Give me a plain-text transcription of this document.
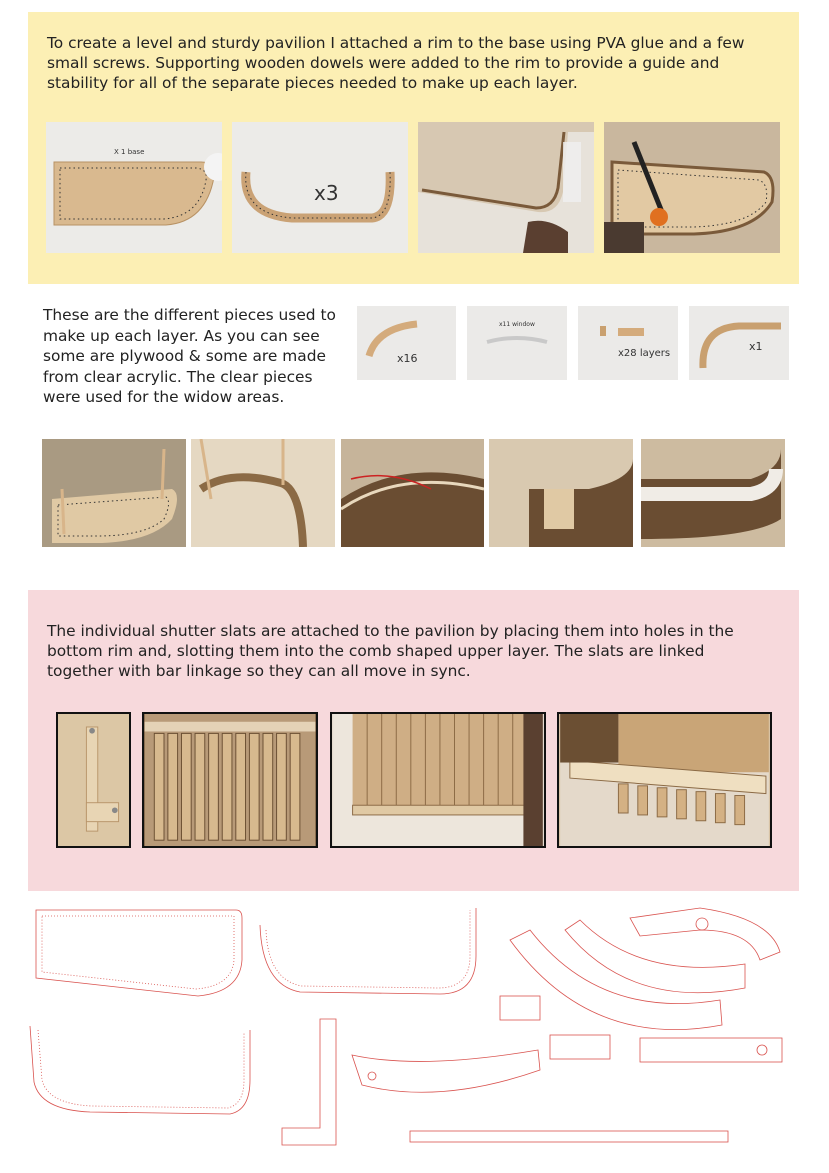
To create a level and sturdy pavilion I attached a rim to the base using PVA glue and a few small screws. Supporting wooden dowels were added to the rim to provide a guide and stability for all of the separate pieces needed to make up each layer.

X 1 base
x3

These are the different pieces used to make up each layer. As you can see some are plywood & some are made from clear acrylic. The clear pieces were used for the widow areas.

x16
x11 window
x28 layers
x1

The individual shutter slats are attached to the pavilion by placing them into holes in the bottom rim and, slotting them into the comb shaped upper layer. The slats are linked together with bar linkage so they can all move in sync.
